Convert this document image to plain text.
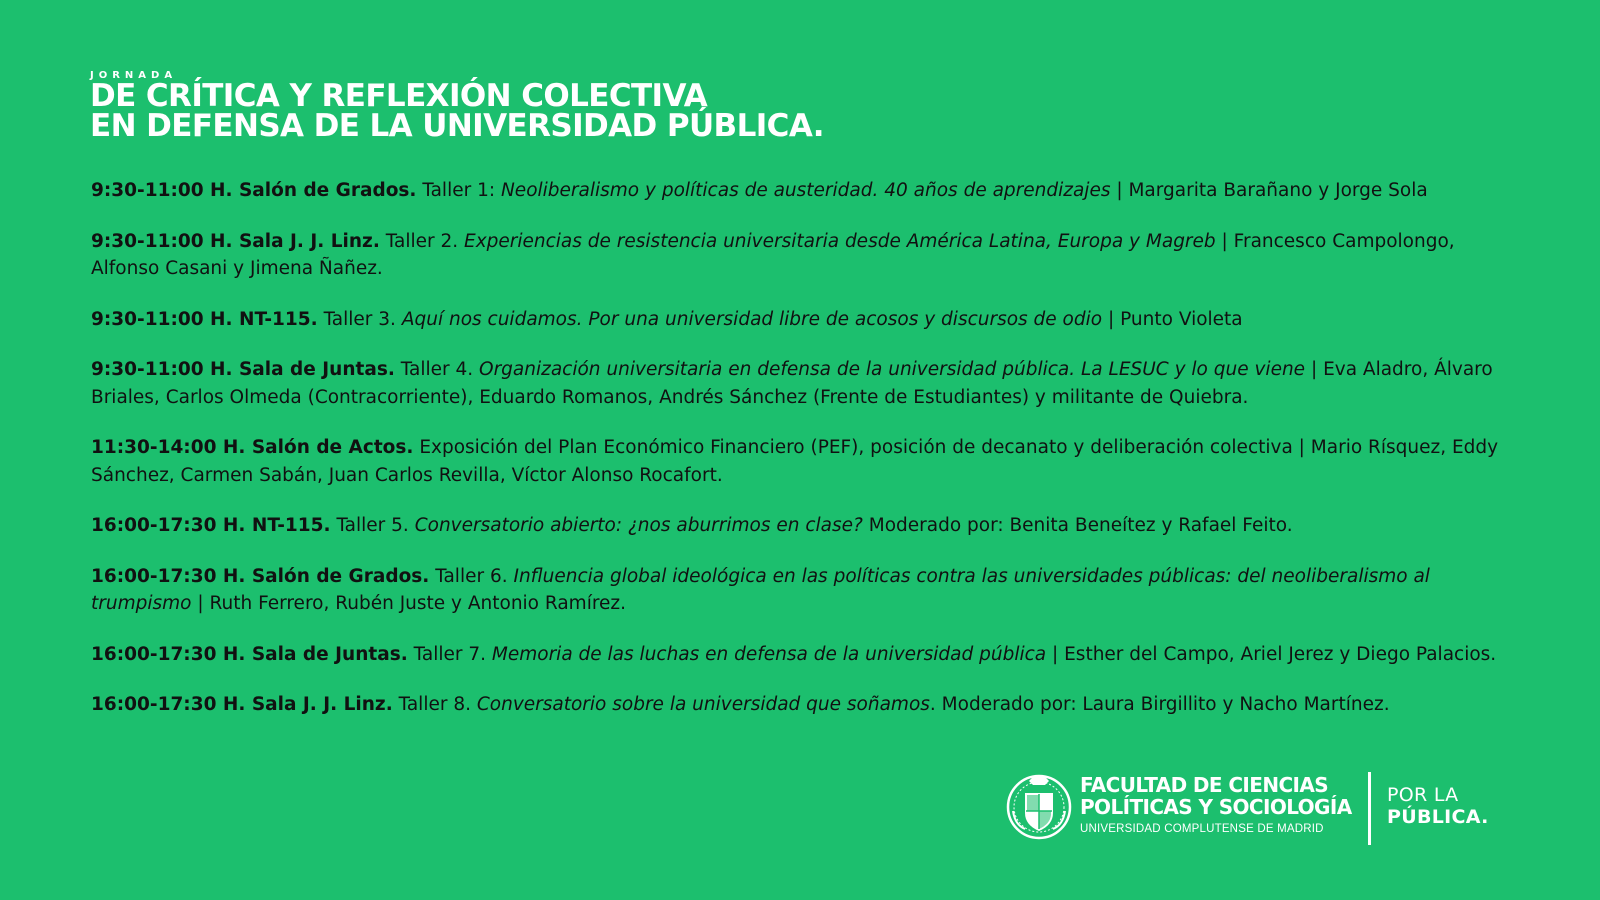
JORNADA
DE CRÍTICA Y REFLEXIÓN COLECTIVA
EN DEFENSA DE LA UNIVERSIDAD PÚBLICA.
9:30-11:00 H. Salón de Grados. Taller 1: Neoliberalismo y políticas de austeridad. 40 años de aprendizajes | Margarita Barañano y Jorge Sola
9:30-11:00 H. Sala J. J. Linz. Taller 2. Experiencias de resistencia universitaria desde América Latina, Europa y Magreb | Francesco Campolongo, Alfonso Casani y Jimena Ñañez.
9:30-11:00 H. NT-115. Taller 3. Aquí nos cuidamos. Por una universidad libre de acosos y discursos de odio | Punto Violeta
9:30-11:00 H. Sala de Juntas. Taller 4. Organización universitaria en defensa de la universidad pública. La LESUC y lo que viene | Eva Aladro, Álvaro Briales, Carlos Olmeda (Contracorriente), Eduardo Romanos, Andrés Sánchez (Frente de Estudiantes) y militante de Quiebra.
11:30-14:00 H. Salón de Actos. Exposición del Plan Económico Financiero (PEF), posición de decanato y deliberación colectiva | Mario Rísquez, Eddy Sánchez, Carmen Sabán, Juan Carlos Revilla, Víctor Alonso Rocafort.
16:00-17:30 H. NT-115. Taller 5. Conversatorio abierto: ¿nos aburrimos en clase? Moderado por: Benita Beneítez y Rafael Feito.
16:00-17:30 H. Salón de Grados. Taller 6. Influencia global ideológica en las políticas contra las universidades públicas: del neoliberalismo al trumpismo | Ruth Ferrero, Rubén Juste y Antonio Ramírez.
16:00-17:30 H. Sala de Juntas. Taller 7. Memoria de las luchas en defensa de la universidad pública | Esther del Campo, Ariel Jerez y Diego Palacios.
16:00-17:30 H. Sala J. J. Linz. Taller 8. Conversatorio sobre la universidad que soñamos. Moderado por: Laura Birgillito y Nacho Martínez.
FACULTAD DE CIENCIAS
POLÍTICAS Y SOCIOLOGÍA
UNIVERSIDAD COMPLUTENSE DE MADRID
POR LA
PÚBLICA.
